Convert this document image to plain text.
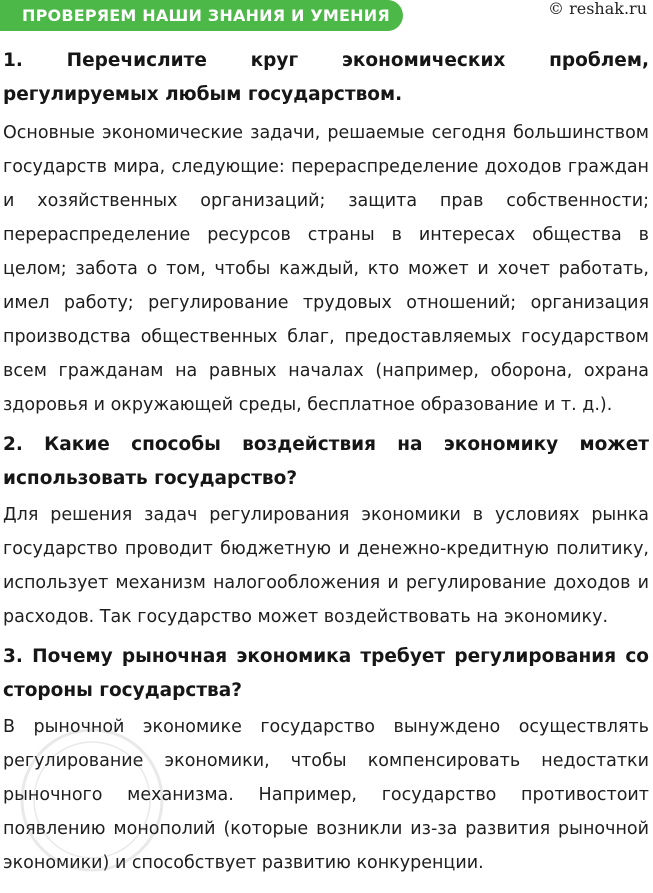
ПРОВЕРЯЕМ НАШИ ЗНАНИЯ И УМЕНИЯ	© reshak.ru

1. Перечислите круг экономических проблем, регулируемых любым государством.

Основные экономические задачи, решаемые сегодня большинством государств мира, следующие: перераспределение доходов граждан и хозяйственных организаций; защита прав собственности; перераспределение ресурсов страны в интересах общества в целом; забота о том, чтобы каждый, кто может и хочет работать, имел работу; регулирование трудовых отношений; организация производства общественных благ, предоставляемых государством всем гражданам на равных началах (например, оборона, охрана здоровья и окружающей среды, бесплатное образование и т. д.).

2. Какие способы воздействия на экономику может использовать государство?

Для решения задач регулирования экономики в условиях рынка государство проводит бюджетную и денежно-кредитную политику, использует механизм налогообложения и регулирование доходов и расходов. Так государство может воздействовать на экономику.

3. Почему рыночная экономика требует регулирования со стороны государства?

В рыночной экономике государство вынуждено осуществлять регулирование экономики, чтобы компенсировать недостатки рыночного механизма. Например, государство противостоит появлению монополий (которые возникли из-за развития рыночной экономики) и способствует развитию конкуренции.
